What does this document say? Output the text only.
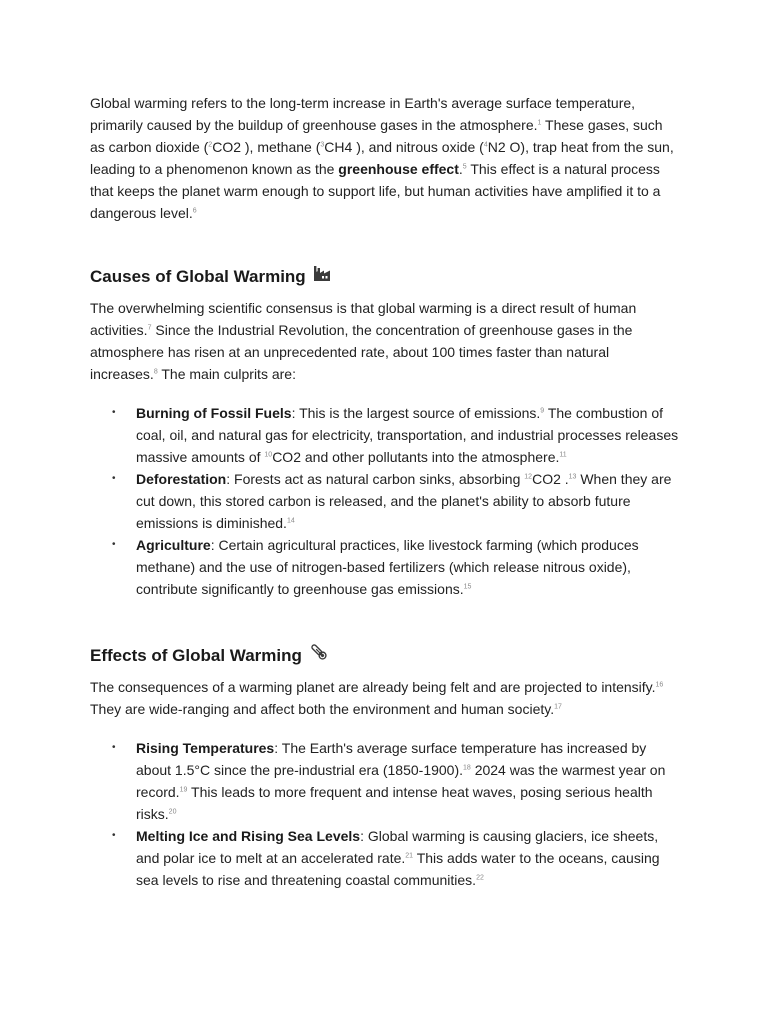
Global warming refers to the long-term increase in Earth's average surface temperature, primarily caused by the buildup of greenhouse gases in the atmosphere.$^1$ These gases, such as carbon dioxide ($^2$CO2 ), methane ($^3$CH4 ), and nitrous oxide ($^4$N2 O), trap heat from the sun, leading to a phenomenon known as the greenhouse effect.$^5$ This effect is a natural process that keeps the planet warm enough to support life, but human activities have amplified it to a dangerous level.$^6$

Causes of Global Warming

The overwhelming scientific consensus is that global warming is a direct result of human activities.$^7$ Since the Industrial Revolution, the concentration of greenhouse gases in the atmosphere has risen at an unprecedented rate, about 100 times faster than natural increases.$^8$ The main culprits are:

• Burning of Fossil Fuels: This is the largest source of emissions.$^9$ The combustion of coal, oil, and natural gas for electricity, transportation, and industrial processes releases massive amounts of $^{10}$CO2 and other pollutants into the atmosphere.$^{11}$
• Deforestation: Forests act as natural carbon sinks, absorbing $^{12}$CO2 .$^{13}$ When they are cut down, this stored carbon is released, and the planet's ability to absorb future emissions is diminished.$^{14}$
• Agriculture: Certain agricultural practices, like livestock farming (which produces methane) and the use of nitrogen-based fertilizers (which release nitrous oxide), contribute significantly to greenhouse gas emissions.$^{15}$
Effects of Global Warming

The consequences of a warming planet are already being felt and are projected to intensify.$^{16}$ They are wide-ranging and affect both the environment and human society.$^{17}$

• Rising Temperatures: The Earth's average surface temperature has increased by about 1.5°C since the pre-industrial era (1850-1900).$^{18}$ 2024 was the warmest year on record.$^{19}$ This leads to more frequent and intense heat waves, posing serious health risks.$^{20}$
• Melting Ice and Rising Sea Levels: Global warming is causing glaciers, ice sheets, and polar ice to melt at an accelerated rate.$^{21}$ This adds water to the oceans, causing sea levels to rise and threatening coastal communities.$^{22}$
